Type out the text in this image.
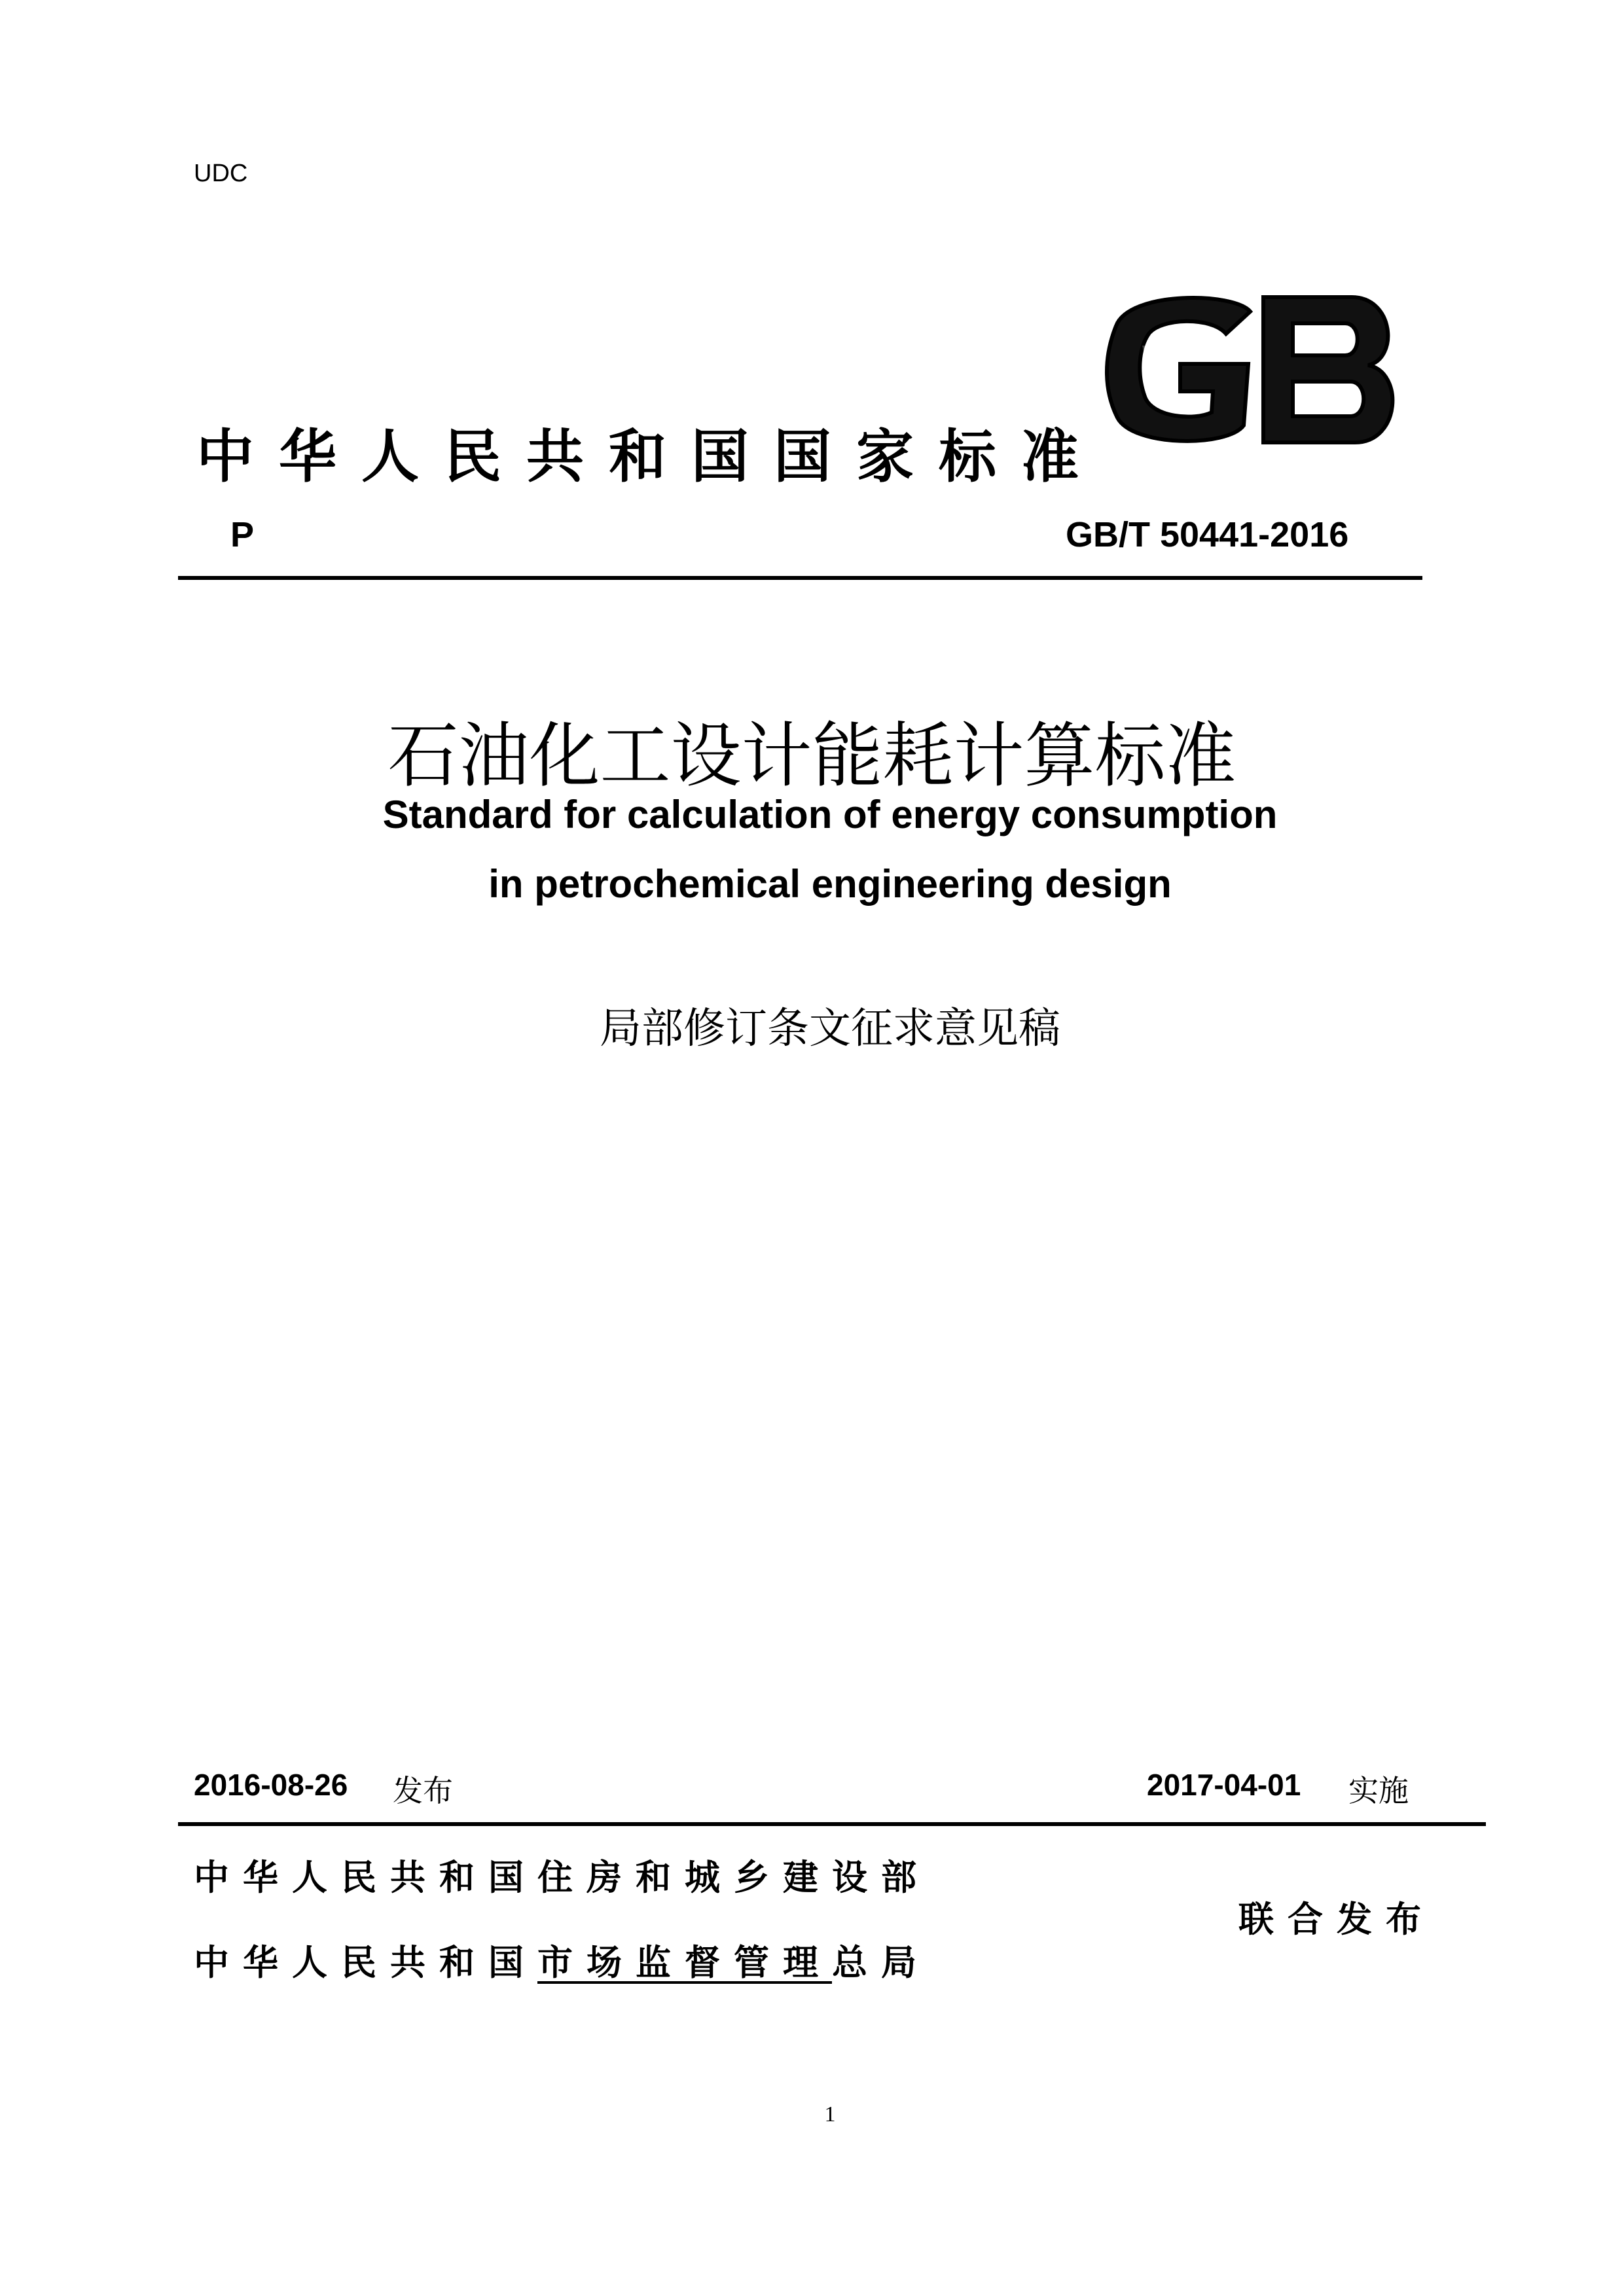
UDC
中华人民共和国国家标准
P	GB/T 50441-2016
石油化工设计能耗计算标准
Standard for calculation of energy consumption
in petrochemical engineering design
局部修订条文征求意见稿
2016-08-26 发布	2017-04-01 实施
中华人民共和国住房和城乡建设部
中华人民共和国市场监督管理总局
联合发布
1
